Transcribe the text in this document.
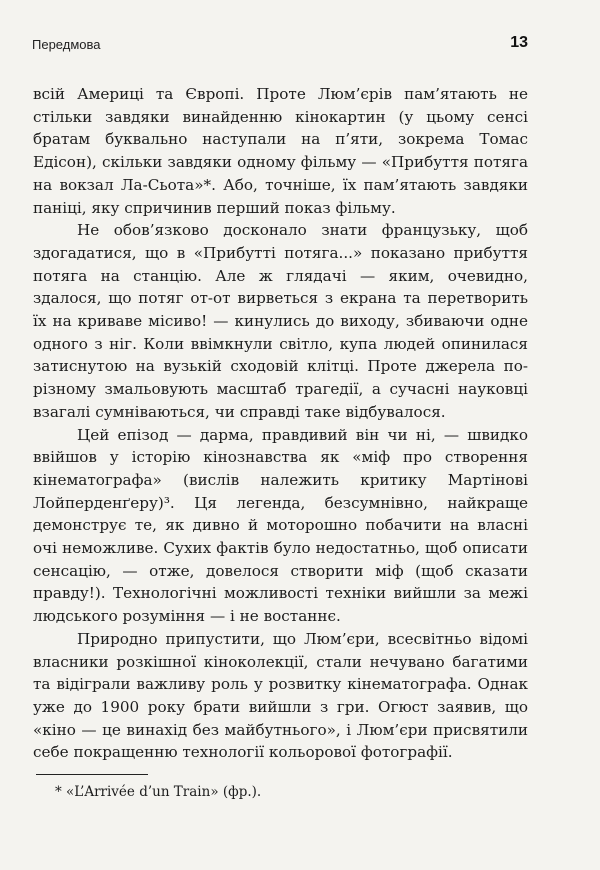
Передмова	13

всій Америці та Європі. Проте Люм’єрів пам’ятають не стільки завдяки винайденню кінокартин (у цьому сенсі братам буквально наступали на п’яти, зокрема Томас Едісон), скільки завдяки одному фільму — «Прибуття потяга на вокзал Ла-Сьота»*. Або, точніше, їх пам’ятають завдяки паніці, яку спричинив перший показ фільму.

Не обов’язково досконало знати французьку, щоб здогадатися, що в «Прибутті потяга...» показано прибуття потяга на станцію. Але ж глядачі — яким, очевидно, здалося, що потяг от-от вирветься з екрана та перетворить їх на криваве місиво! — кинулись до виходу, збиваючи одне одного з ніг. Коли ввімкнули світло, купа людей опинилася затиснутою на вузькій сходовій клітці. Проте джерела по-різному змальовують масштаб трагедії, а сучасні науковці взагалі сумніваються, чи справді таке відбувалося.

Цей епізод — дарма, правдивий він чи ні, — швидко ввійшов у історію кінознавства як «міф про створення кінематографа» (вислів належить критику Мартінові Лойперденґеру)³. Ця легенда, безсумнівно, найкраще демонструє те, як дивно й моторошно побачити на власні очі неможливе. Сухих фактів було недостатньо, щоб описати сенсацію, — отже, довелося створити міф (щоб сказати правду!). Технологічні можливості техніки вийшли за межі людського розуміння — і не востаннє.

Природно припустити, що Люм’єри, всесвітньо відомі власники розкішної кіноколекції, стали нечувано багатими та відіграли важливу роль у розвитку кінематографа. Однак уже до 1900 року брати вийшли з гри. Огюст заявив, що «кіно — це винахід без майбутнього», і Люм’єри присвятили себе покращенню технології кольорової фотографії.

* «L’Arrivée d’un Train» (фр.).
